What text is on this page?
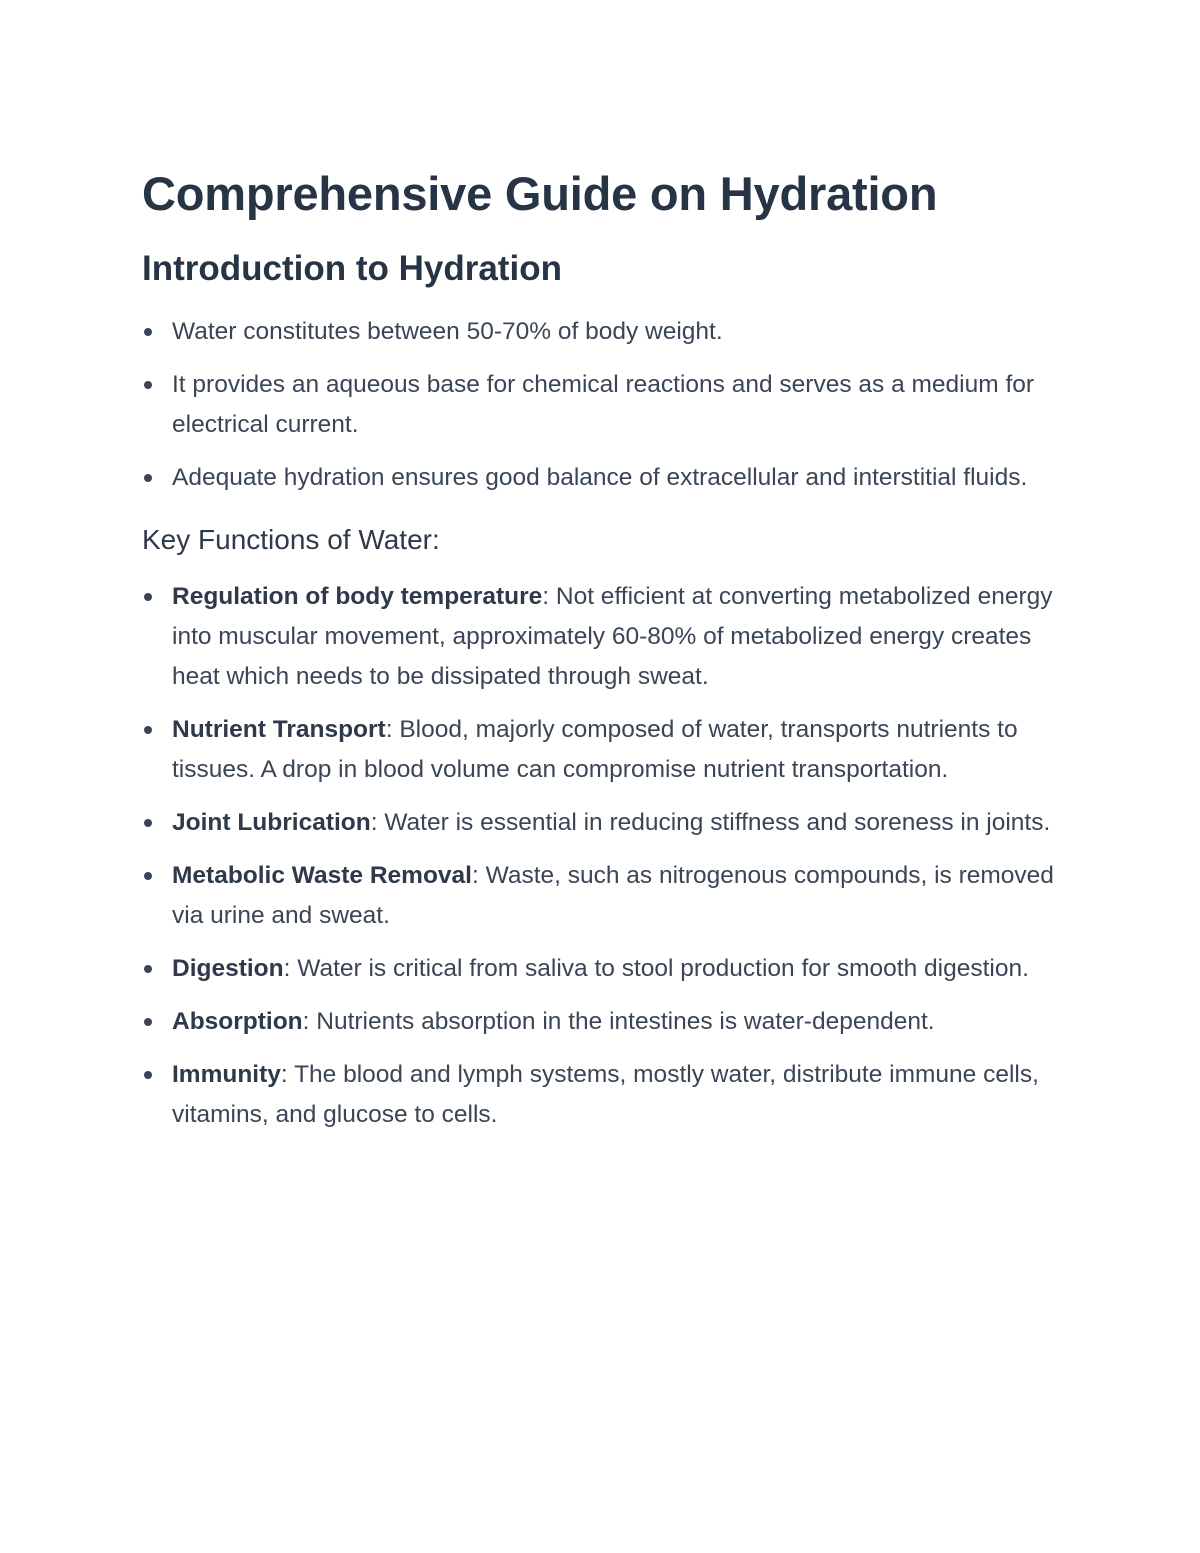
Comprehensive Guide on Hydration
Introduction to Hydration
Water constitutes between 50-70% of body weight.
It provides an aqueous base for chemical reactions and serves as a medium for electrical current.
Adequate hydration ensures good balance of extracellular and interstitial fluids.
Key Functions of Water:
Regulation of body temperature: Not efficient at converting metabolized energy into muscular movement, approximately 60-80% of metabolized energy creates heat which needs to be dissipated through sweat.
Nutrient Transport: Blood, majorly composed of water, transports nutrients to tissues. A drop in blood volume can compromise nutrient transportation.
Joint Lubrication: Water is essential in reducing stiffness and soreness in joints.
Metabolic Waste Removal: Waste, such as nitrogenous compounds, is removed via urine and sweat.
Digestion: Water is critical from saliva to stool production for smooth digestion.
Absorption: Nutrients absorption in the intestines is water-dependent.
Immunity: The blood and lymph systems, mostly water, distribute immune cells, vitamins, and glucose to cells.
